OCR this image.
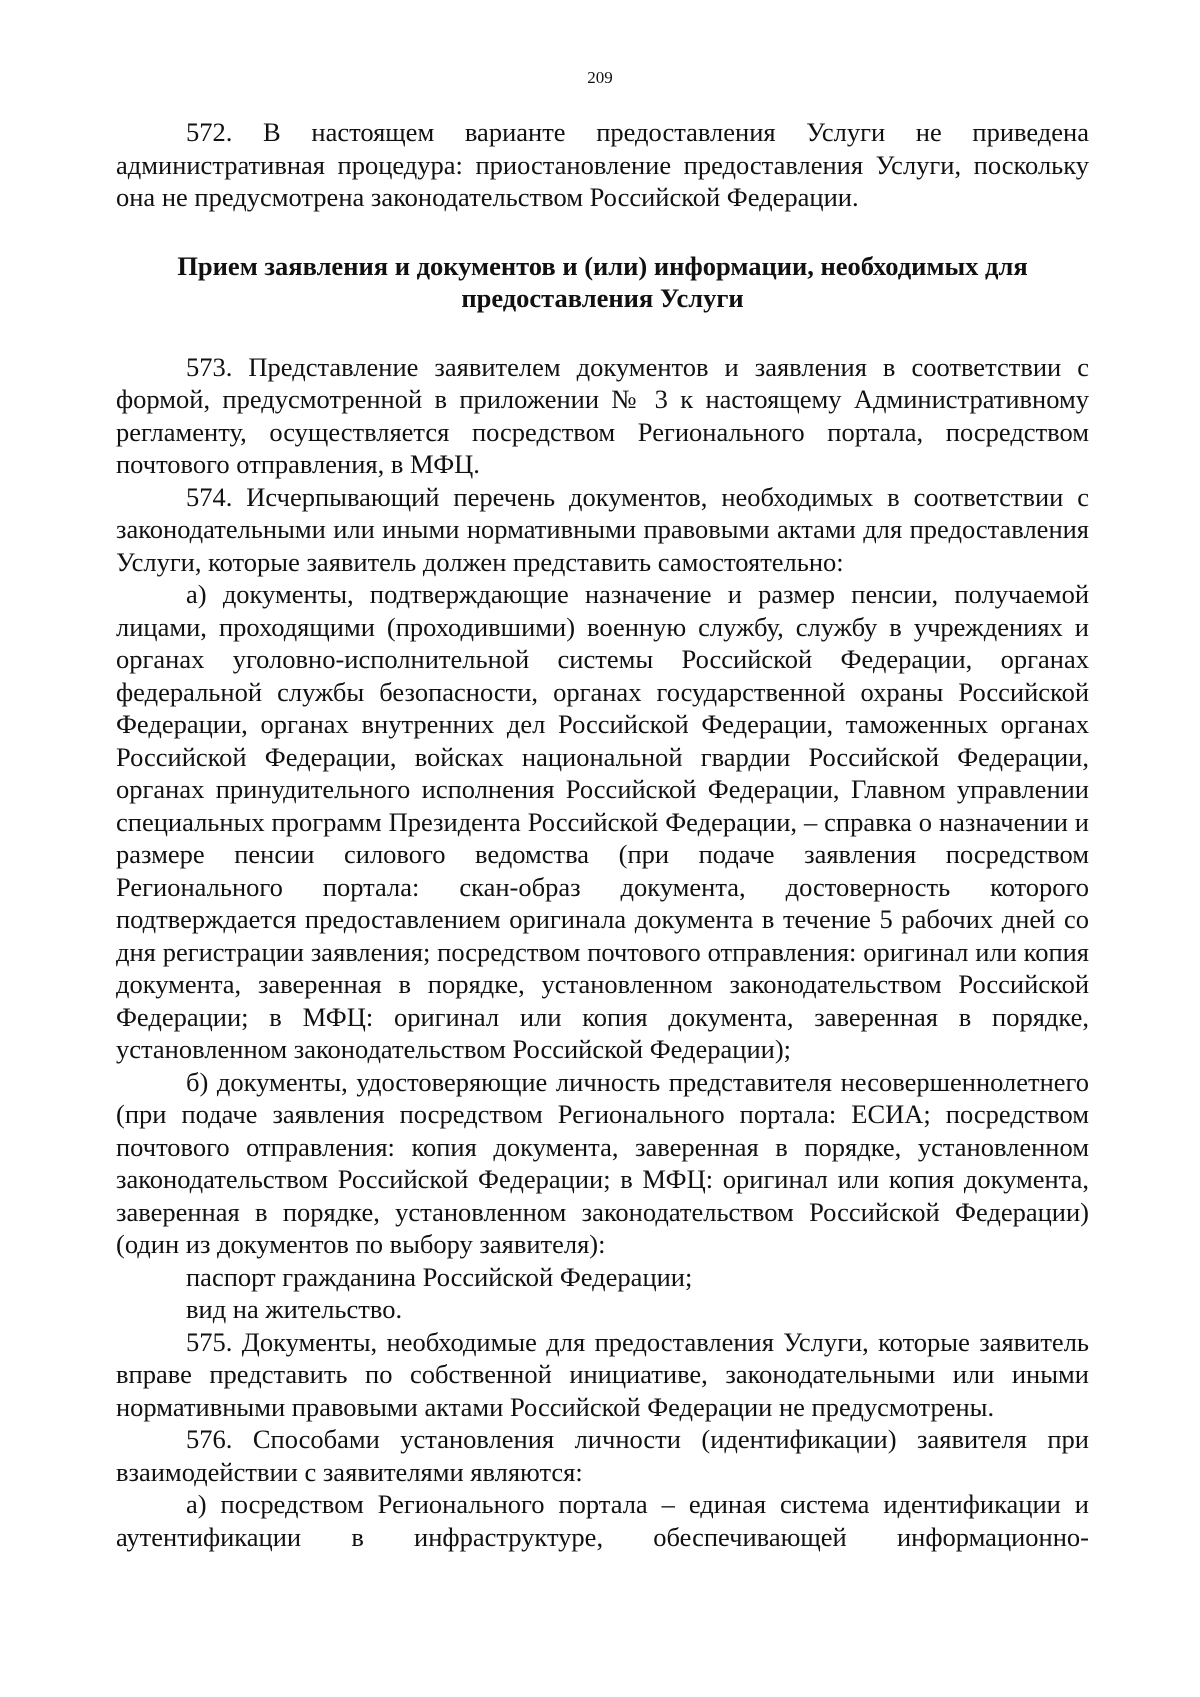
209

572. В настоящем варианте предоставления Услуги не приведена административная процедура: приостановление предоставления Услуги, поскольку она не предусмотрена законодательством Российской Федерации.

Прием заявления и документов и (или) информации, необходимых для
предоставления Услуги

573. Представление заявителем документов и заявления в соответствии с формой, предусмотренной в приложении № 3 к настоящему Административному регламенту, осуществляется посредством Регионального портала, посредством почтового отправления, в МФЦ.

574. Исчерпывающий перечень документов, необходимых в соответствии с законодательными или иными нормативными правовыми актами для предоставления Услуги, которые заявитель должен представить самостоятельно:

а) документы, подтверждающие назначение и размер пенсии, получаемой лицами, проходящими (проходившими) военную службу, службу в учреждениях и органах уголовно-исполнительной системы Российской Федерации, органах федеральной службы безопасности, органах государственной охраны Российской Федерации, органах внутренних дел Российской Федерации, таможенных органах Российской Федерации, войсках национальной гвардии Российской Федерации, органах принудительного исполнения Российской Федерации, Главном управлении специальных программ Президента Российской Федерации, – справка о назначении и размере пенсии силового ведомства (при подаче заявления посредством Регионального портала: скан-образ документа, достоверность которого подтверждается предоставлением оригинала документа в течение 5 рабочих дней со дня регистрации заявления; посредством почтового отправления: оригинал или копия документа, заверенная в порядке, установленном законодательством Российской Федерации; в МФЦ: оригинал или копия документа, заверенная в порядке, установленном законодательством Российской Федерации);

б) документы, удостоверяющие личность представителя несовершеннолетнего (при подаче заявления посредством Регионального портала: ЕСИА; посредством почтового отправления: копия документа, заверенная в порядке, установленном законодательством Российской Федерации; в МФЦ: оригинал или копия документа, заверенная в порядке, установленном законодательством Российской Федерации) (один из документов по выбору заявителя):

паспорт гражданина Российской Федерации;

вид на жительство.

575. Документы, необходимые для предоставления Услуги, которые заявитель вправе представить по собственной инициативе, законодательными или иными нормативными правовыми актами Российской Федерации не предусмотрены.

576. Способами установления личности (идентификации) заявителя при взаимодействии с заявителями являются:

а) посредством Регионального портала – единая система идентификации и аутентификации в инфраструктуре, обеспечивающей информационно-
